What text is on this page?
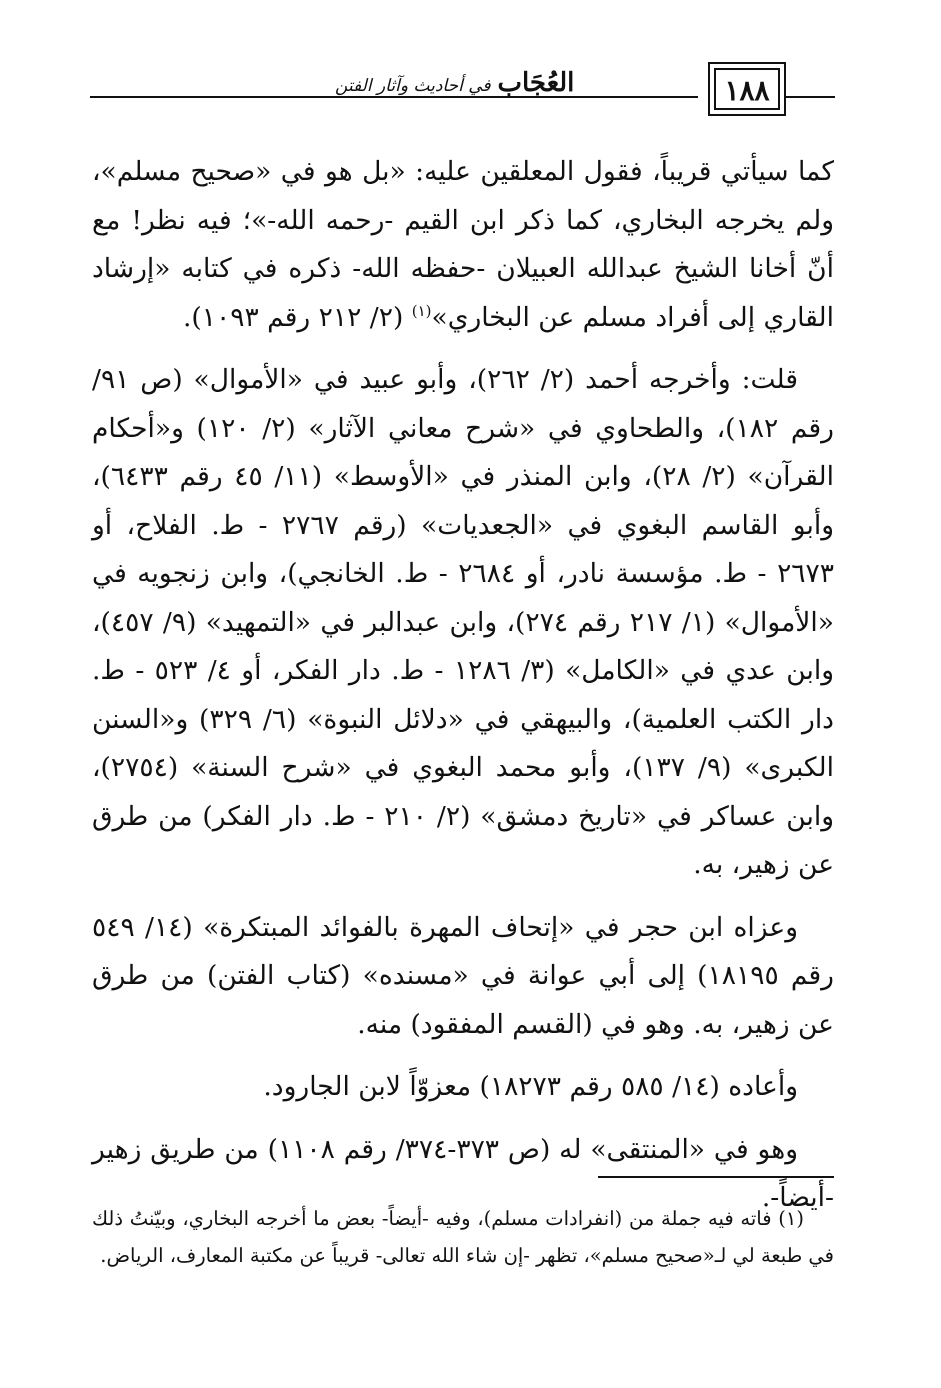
العُجَاب في أحاديث وآثار الفتن	١٨٨

كما سيأتي قريباً، فقول المعلقين عليه: «بل هو في «صحيح مسلم»، ولم يخرجه البخاري، كما ذكر ابن القيم -رحمه الله-»؛ فيه نظر! مع أنّ أخانا الشيخ عبدالله العبيلان -حفظه الله- ذكره في كتابه «إرشاد القاري إلى أفراد مسلم عن البخاري»$^{(١)}$ (٢/ ٢١٢ رقم ١٠٩٣).

قلت: وأخرجه أحمد (٢/ ٢٦٢)، وأبو عبيد في «الأموال» (ص ٩١/ رقم ١٨٢)، والطحاوي في «شرح معاني الآثار» (٢/ ١٢٠) و«أحكام القرآن» (٢/ ٢٨)، وابن المنذر في «الأوسط» (١١/ ٤٥ رقم ٦٤٣٣)، وأبو القاسم البغوي في «الجعديات» (رقم ٢٧٦٧ - ط. الفلاح، أو ٢٦٧٣ - ط. مؤسسة نادر، أو ٢٦٨٤ - ط. الخانجي)، وابن زنجويه في «الأموال» (١/ ٢١٧ رقم ٢٧٤)، وابن عبدالبر في «التمهيد» (٩/ ٤٥٧)، وابن عدي في «الكامل» (٣/ ١٢٨٦ - ط. دار الفكر، أو ٤/ ٥٢٣ - ط. دار الكتب العلمية)، والبيهقي في «دلائل النبوة» (٦/ ٣٢٩) و«السنن الكبرى» (٩/ ١٣٧)، وأبو محمد البغوي في «شرح السنة» (٢٧٥٤)، وابن عساكر في «تاريخ دمشق» (٢/ ٢١٠ - ط. دار الفكر) من طرق عن زهير، به.

وعزاه ابن حجر في «إتحاف المهرة بالفوائد المبتكرة» (١٤/ ٥٤٩ رقم ١٨١٩٥) إلى أبي عوانة في «مسنده» (كتاب الفتن) من طرق عن زهير، به. وهو في (القسم المفقود) منه.

وأعاده (١٤/ ٥٨٥ رقم ١٨٢٧٣) معزوّاً لابن الجارود.

وهو في «المنتقى» له (ص ٣٧٣-٣٧٤/ رقم ١١٠٨) من طريق زهير -أيضاً-.

(١) فاته فيه جملة من (انفرادات مسلم)، وفيه -أيضاً- بعض ما أخرجه البخاري، وبيّنتُ ذلك في طبعة لي لـ«صحيح مسلم»، تظهر -إن شاء الله تعالى- قريباً عن مكتبة المعارف، الرياض.
